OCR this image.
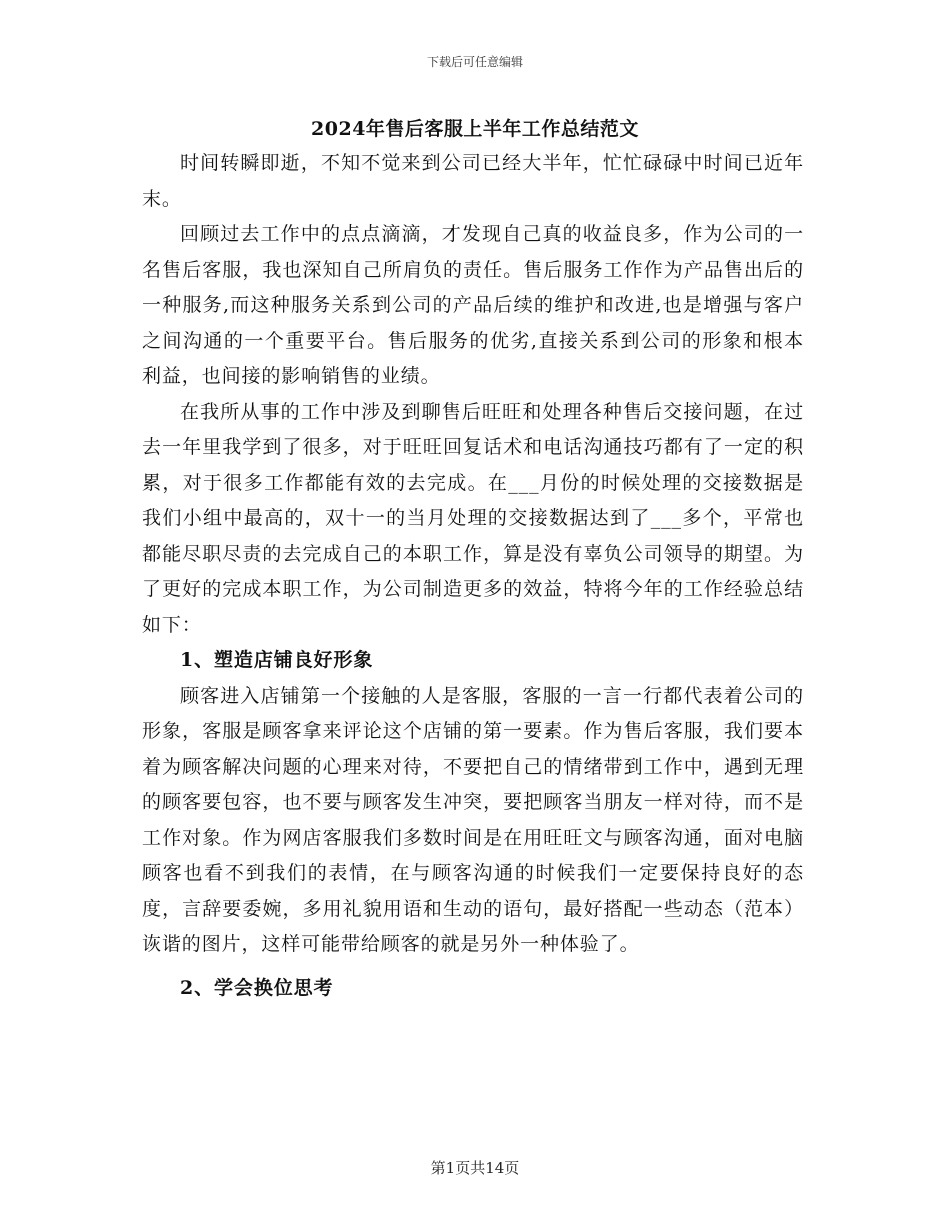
下载后可任意编辑
2024年售后客服上半年工作总结范文

时间转瞬即逝，不知不觉来到公司已经大半年，忙忙碌碌中时间已近年末。

回顾过去工作中的点点滴滴，才发现自己真的收益良多，作为公司的一名售后客服，我也深知自己所肩负的责任。售后服务工作作为产品售出后的一种服务,而这种服务关系到公司的产品后续的维护和改进,也是增强与客户之间沟通的一个重要平台。售后服务的优劣,直接关系到公司的形象和根本利益，也间接的影响销售的业绩。

在我所从事的工作中涉及到聊售后旺旺和处理各种售后交接问题，在过去一年里我学到了很多，对于旺旺回复话术和电话沟通技巧都有了一定的积累，对于很多工作都能有效的去完成。在___月份的时候处理的交接数据是我们小组中最高的，双十一的当月处理的交接数据达到了___多个，平常也都能尽职尽责的去完成自己的本职工作，算是没有辜负公司领导的期望。为了更好的完成本职工作，为公司制造更多的效益，特将今年的工作经验总结如下：

1、塑造店铺良好形象

顾客进入店铺第一个接触的人是客服，客服的一言一行都代表着公司的形象，客服是顾客拿来评论这个店铺的第一要素。作为售后客服，我们要本着为顾客解决问题的心理来对待，不要把自己的情绪带到工作中，遇到无理的顾客要包容，也不要与顾客发生冲突，要把顾客当朋友一样对待，而不是工作对象。作为网店客服我们多数时间是在用旺旺文与顾客沟通，面对电脑顾客也看不到我们的表情，在与顾客沟通的时候我们一定要保持良好的态度，言辞要委婉，多用礼貌用语和生动的语句，最好搭配一些动态（范本）诙谐的图片，这样可能带给顾客的就是另外一种体验了。

2、学会换位思考

第1页共14页
